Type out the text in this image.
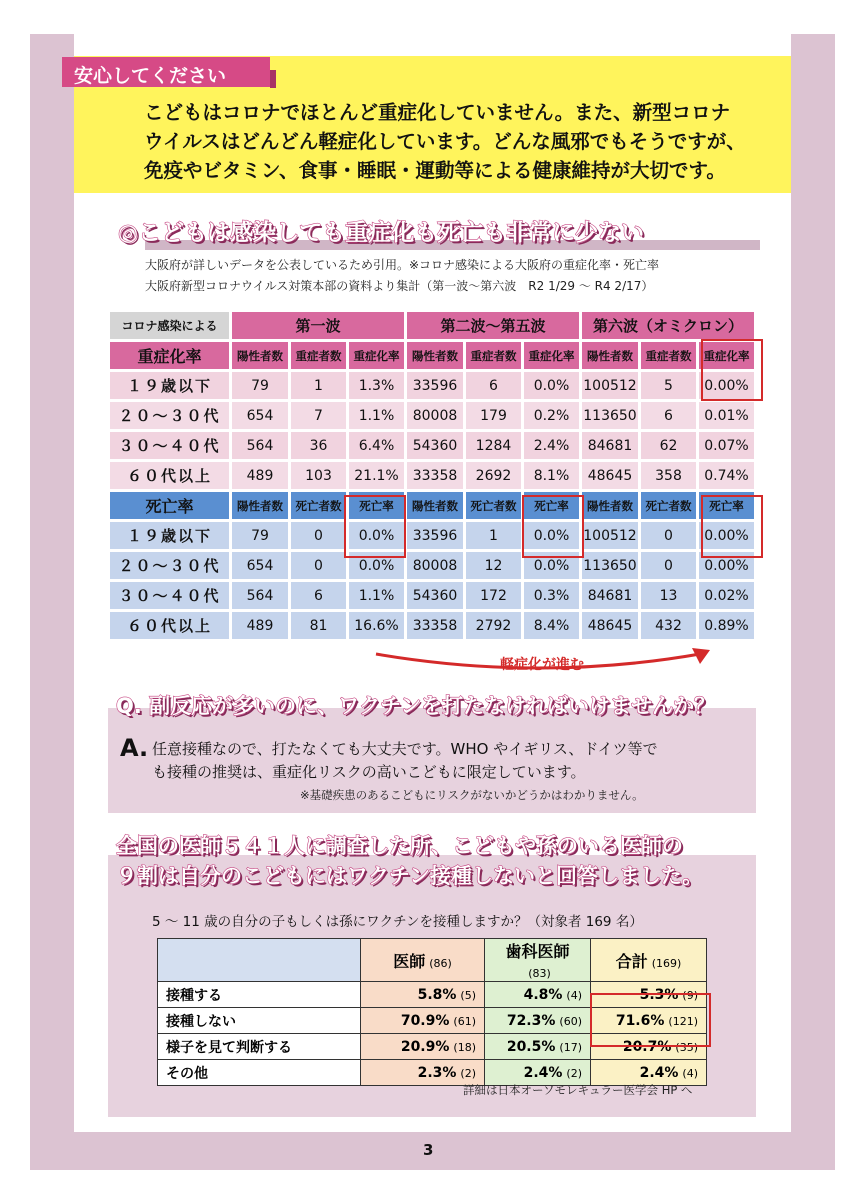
安心してください
こどもはコロナでほとんど重症化していません。また、新型コロナ
ウイルスはどんどん軽症化しています。どんな風邪でもそうですが、
免疫やビタミン、食事・睡眠・運動等による健康維持が大切です。
◎こどもは感染しても重症化も死亡も非常に少ない
大阪府が詳しいデータを公表しているため引用。※コロナ感染による大阪府の重症化率・死亡率
大阪府新型コロナウイルス対策本部の資料より集計（第一波～第六波　R2 1/29 ～ R4 2/17）
コロナ感染による	第一波			第二波～第五波			第六波（オミクロン）		
重症化率	陽性者数	重症者数	重症化率	陽性者数	重症者数	重症化率	陽性者数	重症者数	重症化率
１９歳以下	79	1	1.3%	33596	6	0.0%	100512	5	0.00%
２０～３０代	654	7	1.1%	80008	179	0.2%	113650	6	0.01%
３０～４０代	564	36	6.4%	54360	1284	2.4%	84681	62	0.07%
６０代以上	489	103	21.1%	33358	2692	8.1%	48645	358	0.74%
死亡率	陽性者数	死亡者数	死亡率	陽性者数	死亡者数	死亡率	陽性者数	死亡者数	死亡率
１９歳以下	79	0	0.0%	33596	1	0.0%	100512	0	0.00%
２０～３０代	654	0	0.0%	80008	12	0.0%	113650	0	0.00%
３０～４０代	564	6	1.1%	54360	172	0.3%	84681	13	0.02%
６０代以上	489	81	16.6%	33358	2792	8.4%	48645	432	0.89%
軽症化が進む
Q. 副反応が多いのに、ワクチンを打たなければいけませんか？
A. 任意接種なので、打たなくても大丈夫です。WHO やイギリス、ドイツ等で
も接種の推奨は、重症化リスクの高いこどもに限定しています。
※基礎疾患のあるこどもにリスクがないかどうかはわかりません。
全国の医師５４１人に調査した所、こどもや孫のいる医師の
９割は自分のこどもにはワクチン接種しないと回答しました。
5 ～ 11 歳の自分の子もしくは孫にワクチンを接種しますか？（対象者 169 名）
	医師 (86)	歯科医師(83)	合計 (169)
接種する	5.8% (5)	4.8% (4)	5.3% (9)
接種しない	70.9% (61)	72.3% (60)	71.6% (121)
様子を見て判断する	20.9% (18)	20.5% (17)	20.7% (35)
その他	2.3% (2)	2.4% (2)	2.4% (4)
詳細は日本オーソモレキュラー医学会 HP へ
3
